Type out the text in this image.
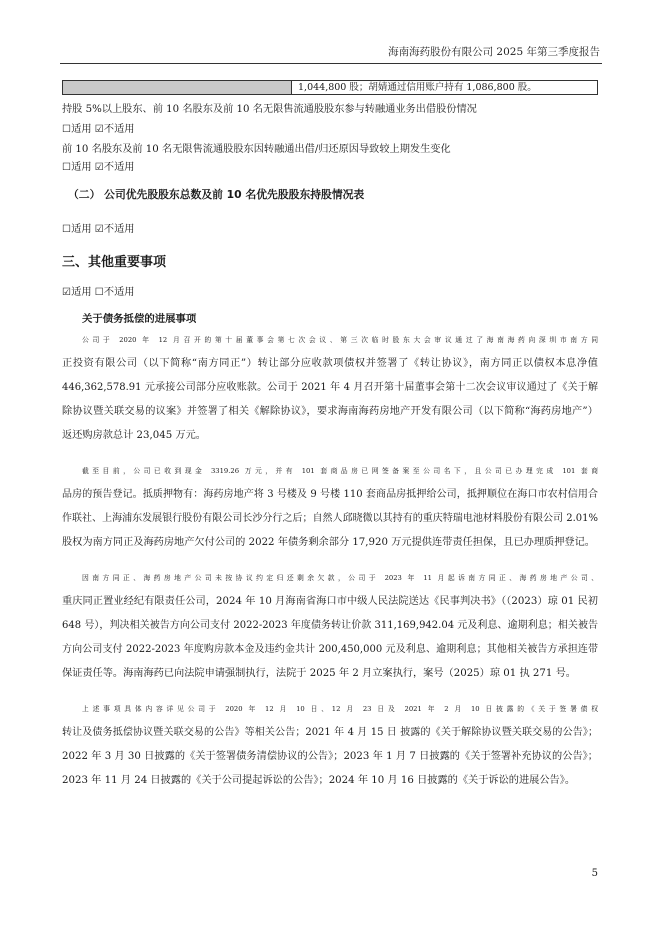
海南海药股份有限公司 2025 年第三季度报告
1,044,800 股；胡婧通过信用账户持有 1,086,800 股。
持股 5%以上股东、前 10 名股东及前 10 名无限售流通股股东参与转融通业务出借股份情况
☐适用 ☑不适用
前 10 名股东及前 10 名无限售流通股股东因转融通出借/归还原因导致较上期发生变化
☐适用 ☑不适用
（二） 公司优先股股东总数及前 10 名优先股股东持股情况表
☐适用 ☑不适用
三、其他重要事项
☑适用 ☐不适用
关于债务抵偿的进展事项
公司于 2020 年 12 月召开的第十届董事会第七次会议、第三次临时股东大会审议通过了海南海药向深圳市南方同
正投资有限公司（以下简称“南方同正”）转让部分应收款项债权并签署了《转让协议》，南方同正以债权本息净值
446,362,578.91 元承接公司部分应收账款。公司于 2021 年 4 月召开第十届董事会第十二次会议审议通过了《关于解
除协议暨关联交易的议案》并签署了相关《解除协议》，要求海南海药房地产开发有限公司（以下简称“海药房地产”）
返还购房款总计 23,045 万元。
截至目前，公司已收到现金 3319.26 万元，并有 101 套商品房已网签备案至公司名下，且公司已办理完成 101 套商
品房的预告登记。抵质押物有：海药房地产将 3 号楼及 9 号楼 110 套商品房抵押给公司，抵押顺位在海口市农村信用合
作联社、上海浦东发展银行股份有限公司长沙分行之后；自然人邱晓微以其持有的重庆特瑞电池材料股份有限公司 2.01%
股权为南方同正及海药房地产欠付公司的 2022 年债务剩余部分 17,920 万元提供连带责任担保，且已办理质押登记。
因南方同正、海药房地产公司未按协议约定归还剩余欠款，公司于 2023 年 11 月起诉南方同正、海药房地产公司、
重庆同正置业经纪有限责任公司，2024 年 10 月海南省海口市中级人民法院送达《民事判决书》（（2023）琼 01 民初
648 号），判决相关被告方向公司支付 2022-2023 年度债务转让价款 311,169,942.04 元及利息、逾期利息；相关被告
方向公司支付 2022-2023 年度购房款本金及违约金共计 200,450,000 元及利息、逾期利息；其他相关被告方承担连带
保证责任等。海南海药已向法院申请强制执行，法院于 2025 年 2 月立案执行，案号（2025）琼 01 执 271 号。
上述事项具体内容详见公司于 2020 年 12 月 10 日、12 月 23 日及 2021 年 2 月 10 日披露的《关于签署债权
转让及债务抵偿协议暨关联交易的公告》等相关公告；2021 年 4 月 15 日 披露的《关于解除协议暨关联交易的公告》；
2022 年 3 月 30 日披露的《关于签署债务清偿协议的公告》；2023 年 1 月 7 日披露的《关于签署补充协议的公告》；
2023 年 11 月 24 日披露的《关于公司提起诉讼的公告》；2024 年 10 月 16 日披露的《关于诉讼的进展公告》。
5
